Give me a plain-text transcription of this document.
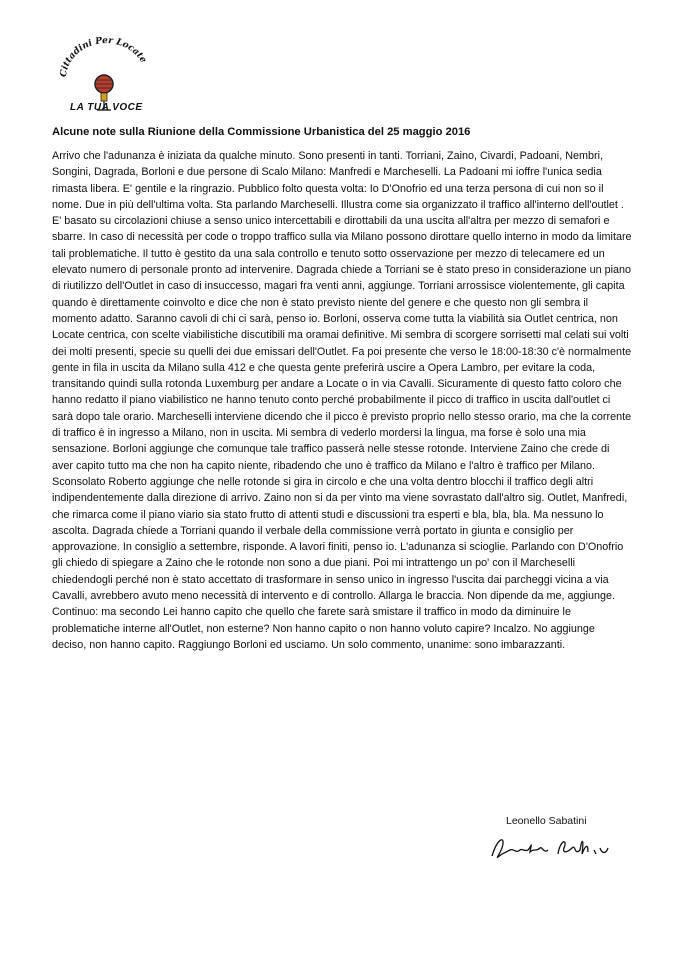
Cittadini Per Locate
LA TUA VOCE
Alcune note sulla Riunione della Commissione Urbanistica del 25 maggio 2016

Arrivo che l'adunanza è iniziata da qualche minuto. Sono presenti in tanti. Torriani, Zaino, Civardi, Padoani, Nembri, Songini, Dagrada, Borloni e due persone di Scalo Milano: Manfredi e Marcheselli. La Padoani mi ioffre l'unica sedia rimasta libera. E' gentile e la ringrazio. Pubblico folto questa volta: Io D'Onofrio ed una terza persona di cui non so il nome. Due in più dell'ultima volta. Sta parlando Marcheselli. Illustra come sia organizzato il traffico all'interno dell'outlet . E' basato su circolazioni chiuse a senso unico intercettabili e dirottabili da una uscita all'altra per mezzo di semafori e sbarre. In caso di necessità per code o troppo traffico sulla via Milano possono dirottare quello interno in modo da limitare tali problematiche. Il tutto è gestito da una sala controllo e tenuto sotto osservazione per mezzo di telecamere ed un elevato numero di personale pronto ad intervenire. Dagrada chiede a Torriani se è stato preso in considerazione un piano di riutilizzo dell'Outlet in caso di insuccesso, magari fra venti anni, aggiunge. Torriani arrossisce violentemente, gli capita quando è direttamente coinvolto e dice che non è stato previsto niente del genere e che questo non gli sembra il momento adatto. Saranno cavoli di chi ci sarà, penso io. Borloni, osserva come tutta la viabilità sia Outlet centrica, non Locate centrica, con scelte viabilistiche discutibili ma oramai definitive. Mi sembra di scorgere sorrisetti mal celati sui volti dei molti presenti, specie su quelli dei due emissari dell'Outlet. Fa poi presente che verso le 18:00-18:30 c'è normalmente gente in fila in uscita da Milano sulla 412 e che questa gente preferirà uscire a Opera Lambro, per evitare la coda, transitando quindi sulla rotonda Luxemburg per andare a Locate o in via Cavalli. Sicuramente di questo fatto coloro che hanno redatto il piano viabilistico ne hanno tenuto conto perché probabilmente il picco di traffico in uscita dall'outlet ci sarà dopo tale orario. Marcheselli interviene dicendo che il picco è previsto proprio nello stesso orario, ma che la corrente di traffico è in ingresso a Milano, non in uscita. Mi sembra di vederlo mordersi la lingua, ma forse è solo una mia sensazione. Borloni aggiunge che comunque tale traffico passerà nelle stesse rotonde. Interviene Zaino che crede di aver capito tutto ma che non ha capito niente, ribadendo che uno è traffico da Milano e l'altro è traffico per Milano. Sconsolato Roberto aggiunge che nelle rotonde si gira in circolo e che una volta dentro blocchi il traffico degli altri indipendentemente dalla direzione di arrivo. Zaino non si da per vinto ma viene sovrastato dall'altro sig. Outlet, Manfredi, che rimarca come il piano viario sia stato frutto di attenti studi e discussioni tra esperti e bla, bla, bla. Ma nessuno lo ascolta. Dagrada chiede a Torriani quando il verbale della commissione verrà portato in giunta e consiglio per approvazione. In consiglio a settembre, risponde. A lavori finiti, penso io. L'adunanza si scioglie. Parlando con D'Onofrio gli chiedo di spiegare a Zaino che le rotonde non sono a due piani. Poi mi intrattengo un po' con il Marcheselli chiedendogli perché non è stato accettato di trasformare in senso unico in ingresso l'uscita dai parcheggi vicina a via Cavalli, avrebbero avuto meno necessità di intervento e di controllo. Allarga le braccia. Non dipende da me, aggiunge. Continuo: ma secondo Lei hanno capito che quello che farete sarà smistare il traffico in modo da diminuire le problematiche interne all'Outlet, non esterne? Non hanno capito o non hanno voluto capire? Incalzo. No aggiunge deciso, non hanno capito. Raggiungo Borloni ed usciamo. Un solo commento, unanime: sono imbarazzanti.

Leonello Sabatini
